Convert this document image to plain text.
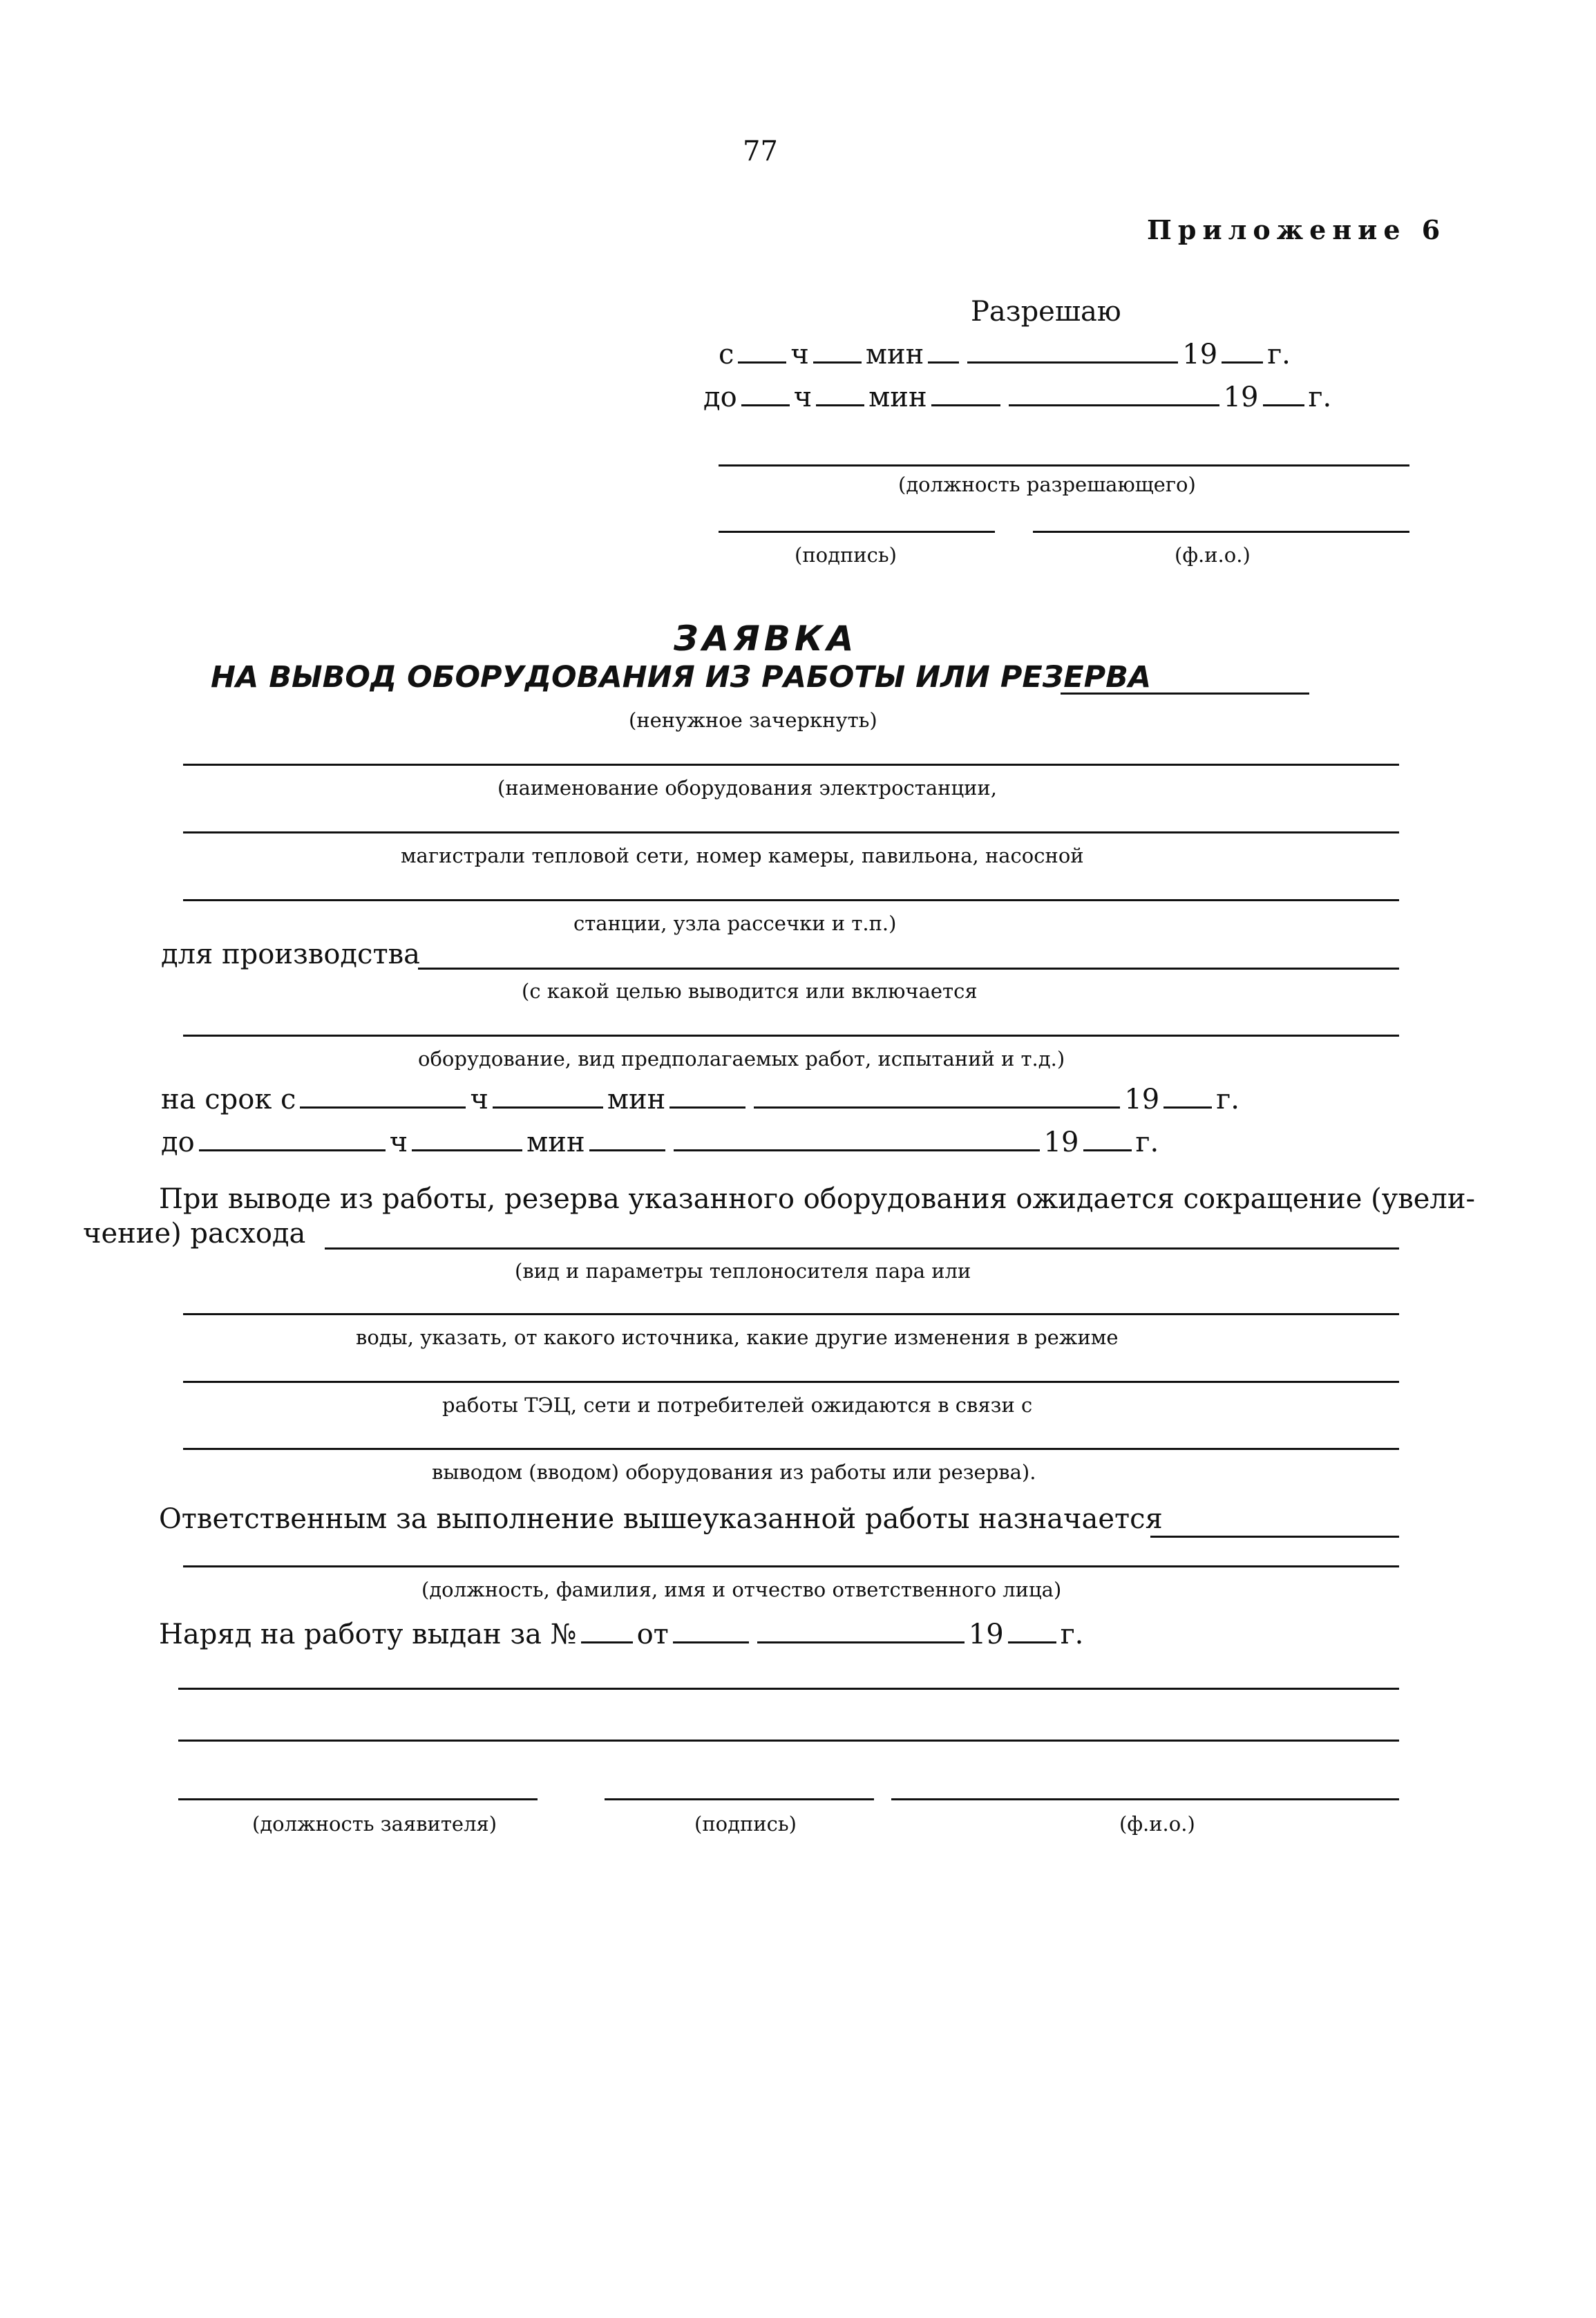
77
Приложение 6
Разрешаю
с ч мин	19 г.
до ч мин	19 г.
(должность разрешающего)
(подпись)	(ф.и.о.)
ЗАЯВКА
НА ВЫВОД ОБОРУДОВАНИЯ ИЗ РАБОТЫ ИЛИ РЕЗЕРВА
(ненужное зачеркнуть)
(наименование оборудования электростанции,
магистрали тепловой сети, номер камеры, павильона, насосной
станции, узла рассечки и т.п.)
для производства
(с какой целью выводится или включается
оборудование, вид предполагаемых работ, испытаний и т.д.)
на срок с	ч	мин	19 г.
до	ч	мин	19 г.
При выводе из работы, резерва указанного оборудования ожидается сокращение (увели-
чение) расхода
(вид и параметры теплоносителя пара или
воды, указать, от какого источника, какие другие изменения в режиме
работы ТЭЦ, сети и потребителей ожидаются в связи с
выводом (вводом) оборудования из работы или резерва).
Ответственным за выполнение вышеуказанной работы назначается
(должность, фамилия, имя и отчество ответственного лица)
Наряд на работу выдан за № от	19 г.
(должность заявителя)	(подпись)	(ф.и.о.)
